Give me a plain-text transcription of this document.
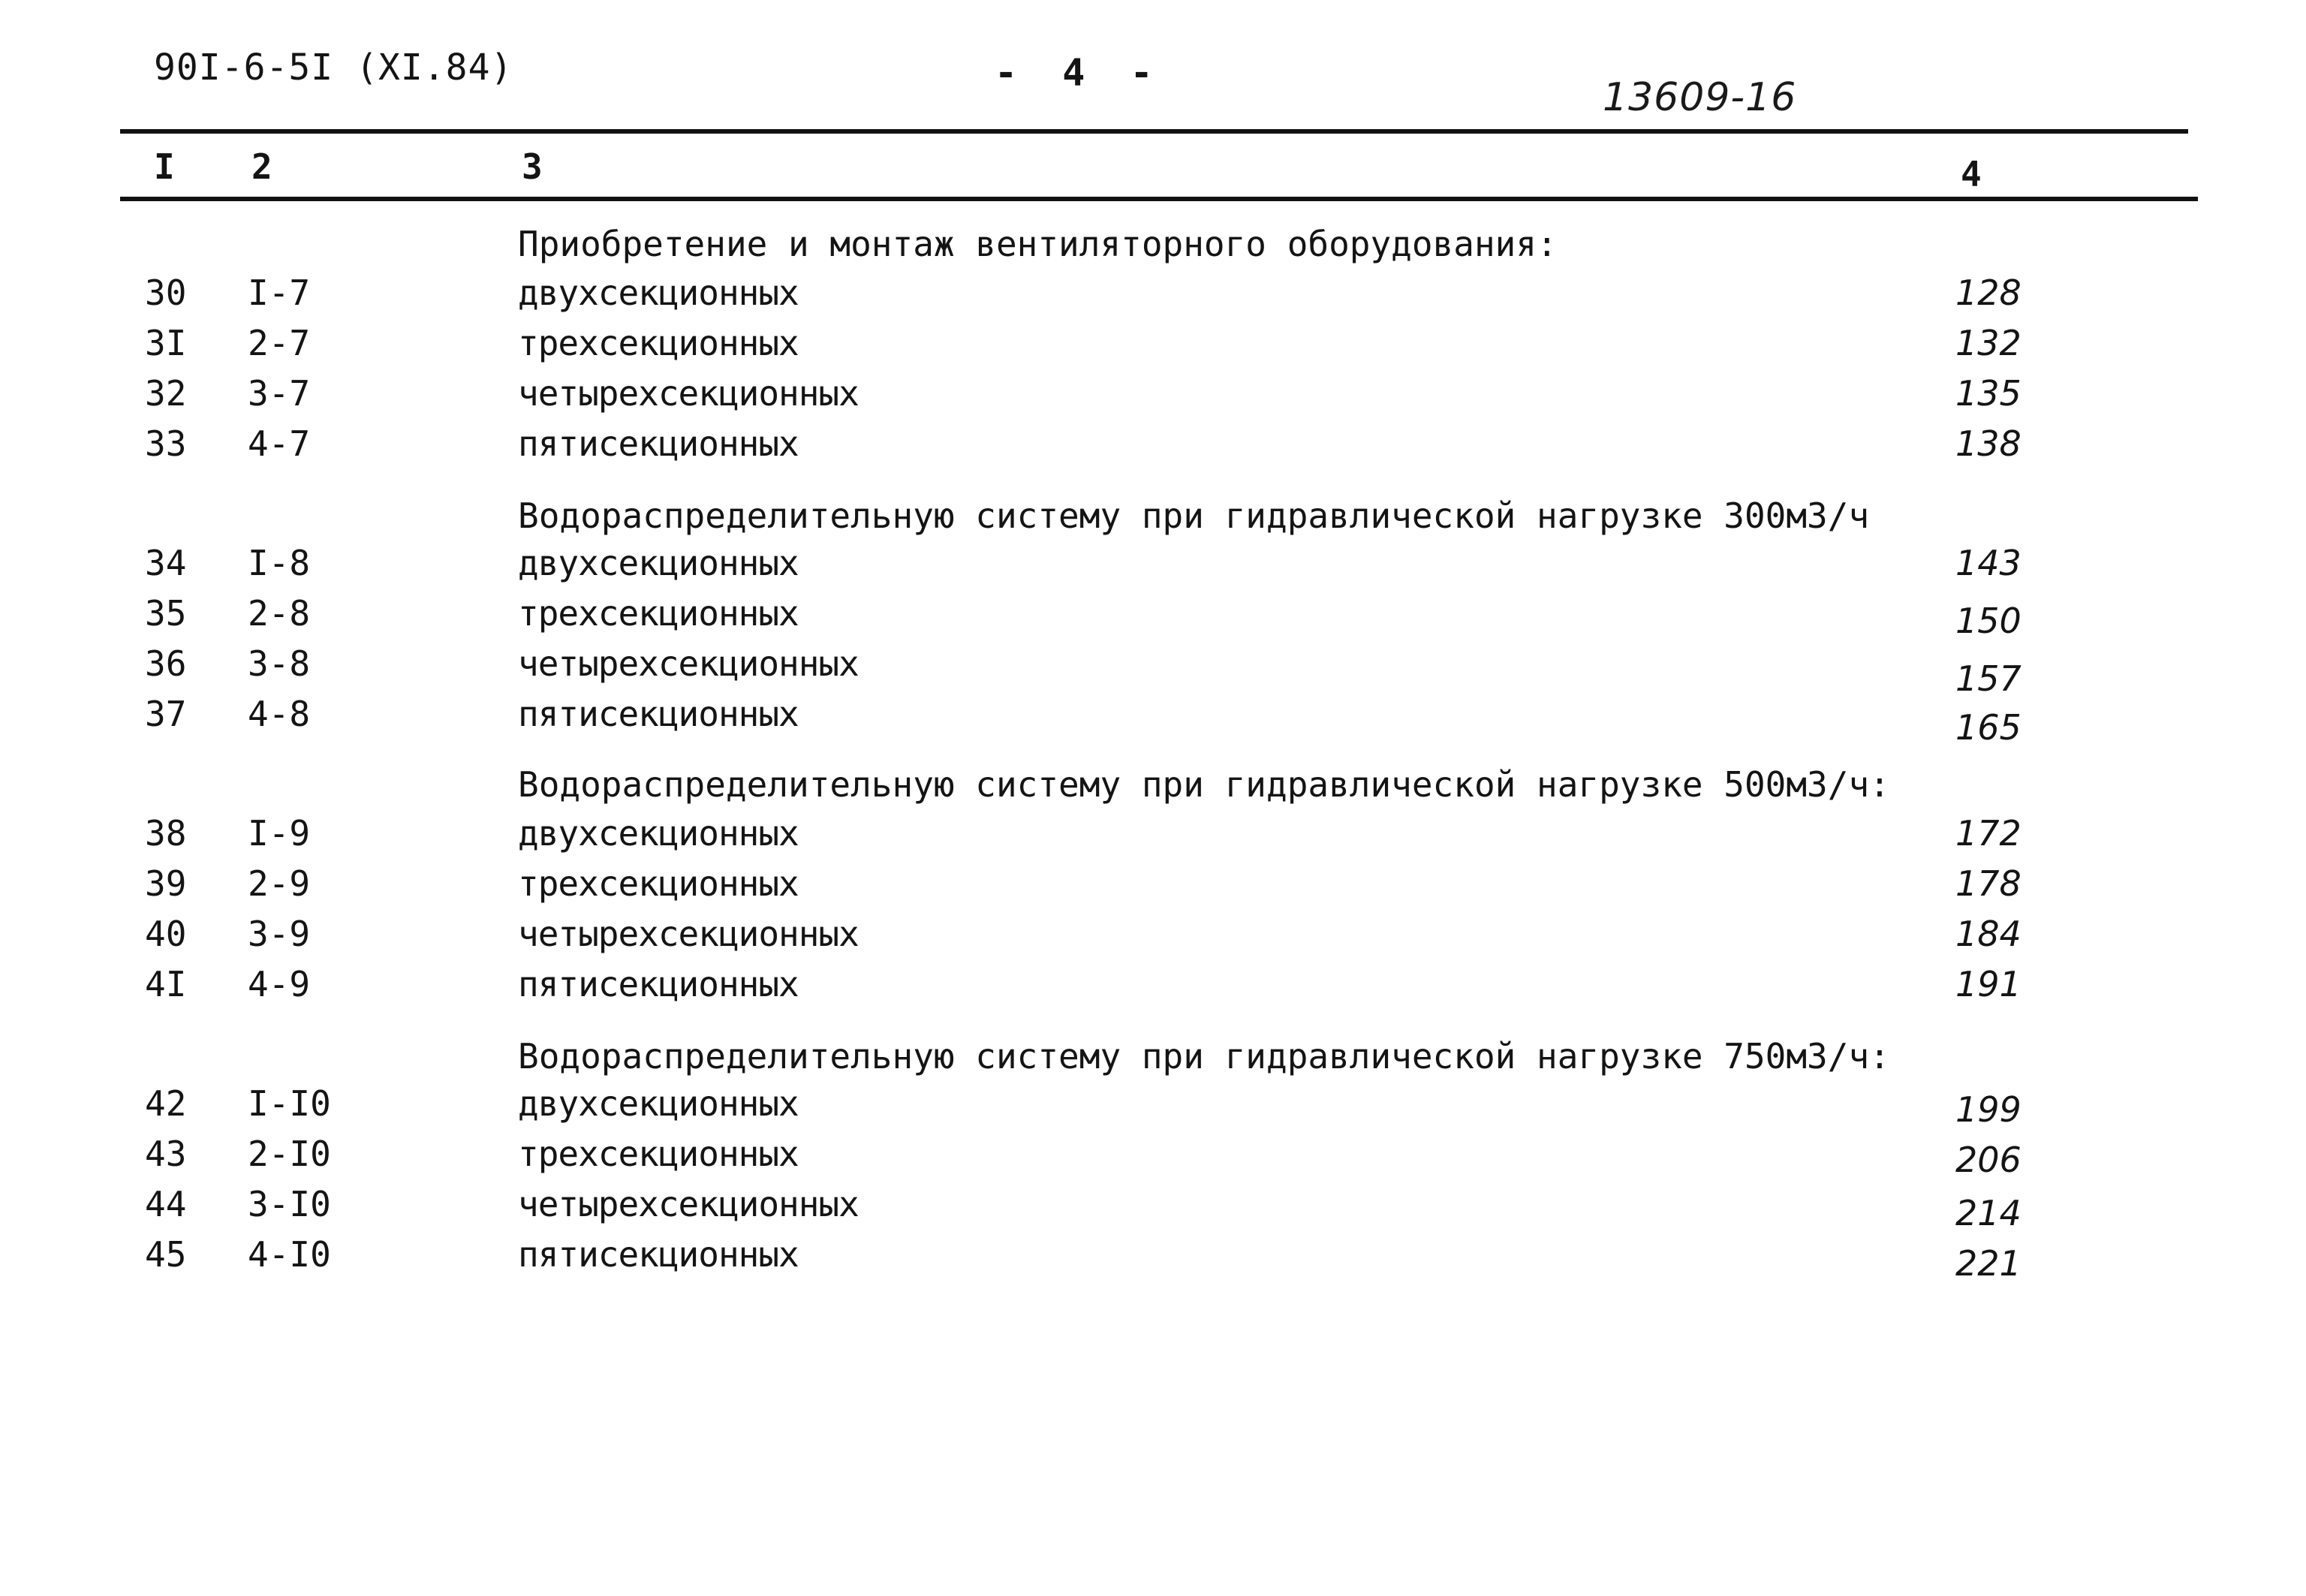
90I-6-5I (XI.84)	-  4  -
13609-16
I 2	3	4
Приобретение и монтаж вентиляторного оборудования:
30 I-7	двухсекционных	128
3I 2-7	трехсекционных	132
32 3-7	четырехсекционных	135
33 4-7	пятисекционных	138
Водораспределительную систему при гидравлической нагрузке 300м3/ч
34 I-8	двухсекционных	143
35 2-8	трехсекционных	150
36 3-8	четырехсекционных	157
37 4-8	пятисекционных	165
Водораспределительную систему при гидравлической нагрузке 500м3/ч:
38 I-9	двухсекционных	172
39 2-9	трехсекционных	178
40 3-9	четырехсекционных	184
4I 4-9	пятисекционных	191
Водораспределительную систему при гидравлической нагрузке 750м3/ч:
42 I-I0	двухсекционных	199
43 2-I0	трехсекционных	206
44 3-I0	четырехсекционных	214
45 4-I0	пятисекционных	221
